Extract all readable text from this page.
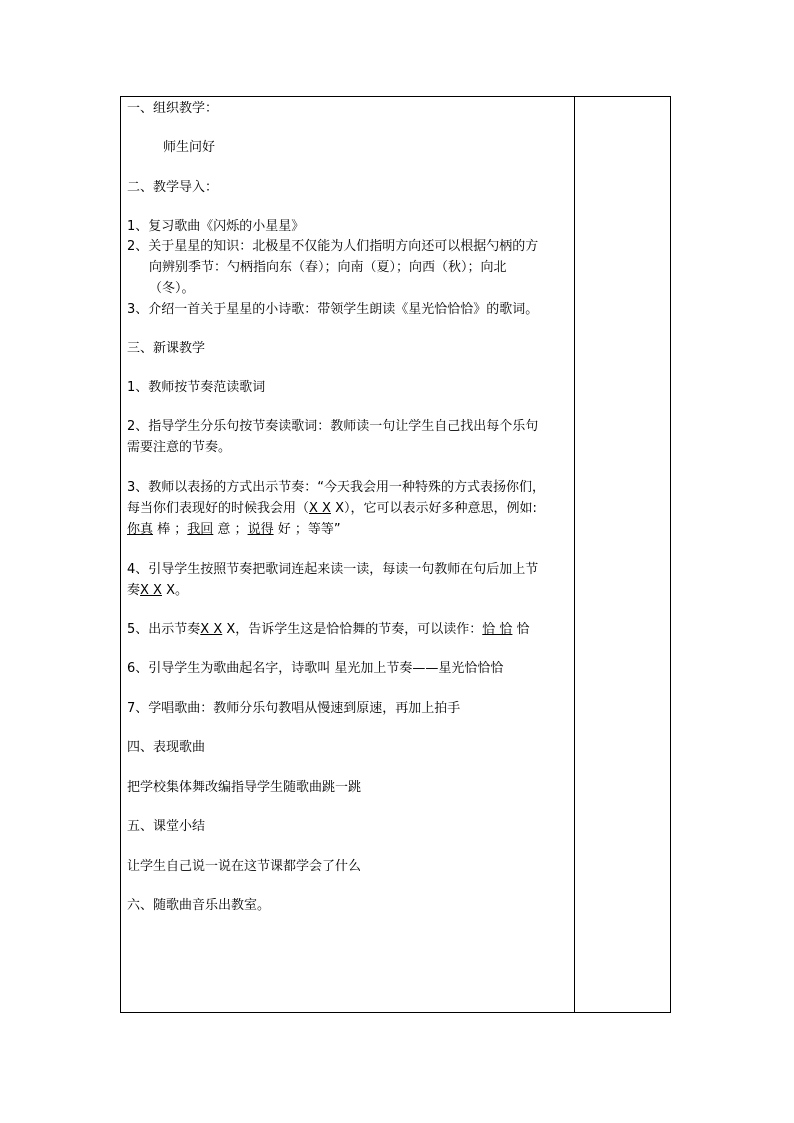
一、组织教学：
师生问好
二、教学导入：
1、复习歌曲《闪烁的小星星》
2、关于星星的知识：北极星不仅能为人们指明方向还可以根据勺柄的方
向辨别季节：勺柄指向东（春）；向南（夏）；向西（秋）；向北
（冬）。
3、介绍一首关于星星的小诗歌：带领学生朗读《星光恰恰恰》的歌词。
三、新课教学
1、教师按节奏范读歌词
2、指导学生分乐句按节奏读歌词：教师读一句让学生自己找出每个乐句
需要注意的节奏。
3、教师以表扬的方式出示节奏：“今天我会用一种特殊的方式表扬你们，
每当你们表现好的时候我会用（X X X），它可以表示好多种意思，例如:
你真 棒 ；我回 意 ；说得 好 ；等等”
4、引导学生按照节奏把歌词连起来读一读，每读一句教师在句后加上节
奏X X X。
5、出示节奏X X X，告诉学生这是恰恰舞的节奏，可以读作：恰 恰 恰
6、引导学生为歌曲起名字，诗歌叫 星光加上节奏——星光恰恰恰
7、学唱歌曲：教师分乐句教唱从慢速到原速，再加上拍手
四、表现歌曲
把学校集体舞改编指导学生随歌曲跳一跳
五、课堂小结
让学生自己说一说在这节课都学会了什么
六、随歌曲音乐出教室。
